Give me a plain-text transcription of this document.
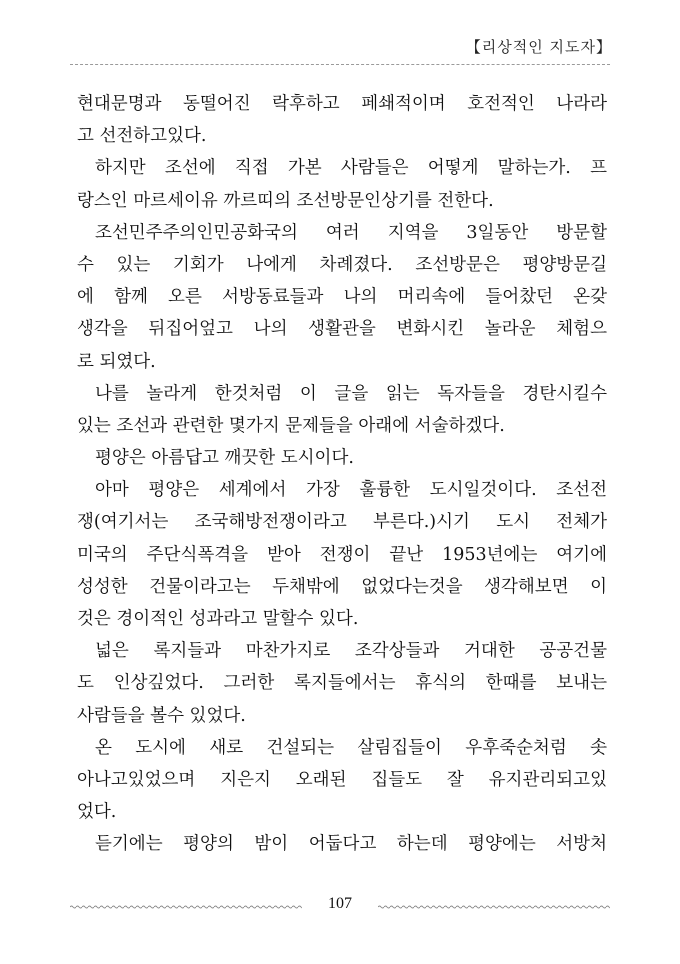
【리상적인 지도자】
현대문명과 동떨어진 락후하고 페쇄적이며 호전적인 나라라
고 선전하고있다.
하지만 조선에 직접 가본 사람들은 어떻게 말하는가. 프
랑스인 마르세이유 까르띠의 조선방문인상기를 전한다.
조선민주주의인민공화국의 여러 지역을 3일동안 방문할
수 있는 기회가 나에게 차례졌다. 조선방문은 평양방문길
에 함께 오른 서방동료들과 나의 머리속에 들어찼던 온갖
생각을 뒤집어엎고 나의 생활관을 변화시킨 놀라운 체험으
로 되였다.
나를 놀라게 한것처럼 이 글을 읽는 독자들을 경탄시킬수
있는 조선과 관련한 몇가지 문제들을 아래에 서술하겠다.
평양은 아름답고 깨끗한 도시이다.
아마 평양은 세계에서 가장 훌륭한 도시일것이다. 조선전
쟁(여기서는 조국해방전쟁이라고 부른다.)시기 도시 전체가
미국의 주단식폭격을 받아 전쟁이 끝난 1953년에는 여기에
성성한 건물이라고는 두채밖에 없었다는것을 생각해보면 이
것은 경이적인 성과라고 말할수 있다.
넓은 록지들과 마찬가지로 조각상들과 거대한 공공건물
도 인상깊었다. 그러한 록지들에서는 휴식의 한때를 보내는
사람들을 볼수 있었다.
온 도시에 새로 건설되는 살림집들이 우후죽순처럼 솟
아나고있었으며 지은지 오래된 집들도 잘 유지관리되고있
었다.
듣기에는 평양의 밤이 어둡다고 하는데 평양에는 서방처
107
